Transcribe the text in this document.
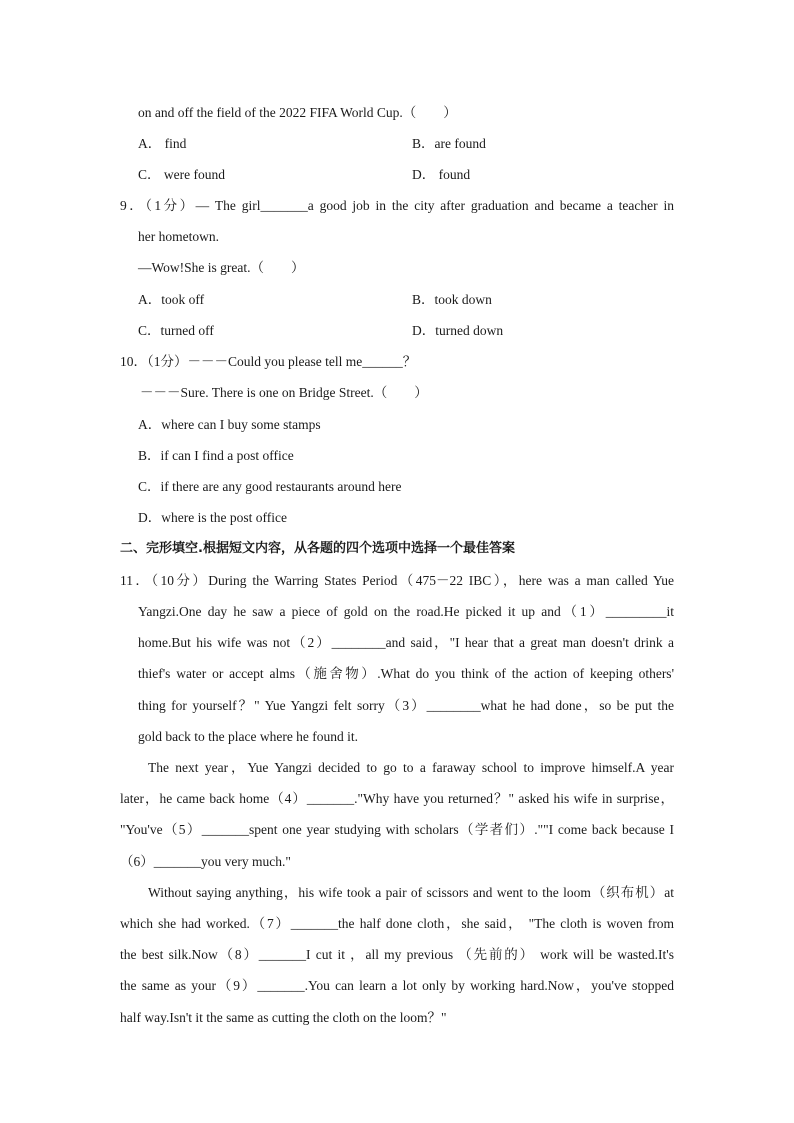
on and off the field of the 2022 FIFA World Cup.（　　）
A． find	B．are found
C． were found	D． found
9．（1分）— The girl_______a good job in the city after graduation and became a teacher in
her hometown.
—Wow!She is great.（　　）
A．took off	B．took down
C．turned off	D．turned down
10．（1分）－－－Could you please tell me______？
－－－Sure. There is one on Bridge Street.（　　）
A．where can I buy some stamps
B．if can I find a post office
C．if there are any good restaurants around here
D．where is the post office
二、完形填空.根据短文内容，从各题的四个选项中选择一个最佳答案
11．（10分）During the Warring States Period（475－22 IBC），here was a man called Yue
Yangzi.One day he saw a piece of gold on the road.He picked it up and（1）_________it
home.But his wife was not（2）________and said，"I hear that a great man doesn't drink a
thief's water or accept alms（施舍物）.What do you think of the action of keeping others'
thing for yourself？" Yue Yangzi felt sorry（3）________what he had done，so be put the
gold back to the place where he found it.
The next year，Yue Yangzi decided to go to a faraway school to improve himself.A year
later，he came back home（4）_______."Why have you returned？" asked his wife in surprise，
"You've（5）_______spent one year studying with scholars（学者们）.""I come back because I
（6）_______you very much."
Without saying anything，his wife took a pair of scissors and went to the loom（织布机）at
which she had worked.（7）_______the half done cloth，she said， "The cloth is woven from
the best silk.Now（8）_______I cut it ，all my previous （先前的） work will be wasted.It's
the same as your（9）_______.You can learn a lot only by working hard.Now，you've stopped
half way.Isn't it the same as cutting the cloth on the loom？"
